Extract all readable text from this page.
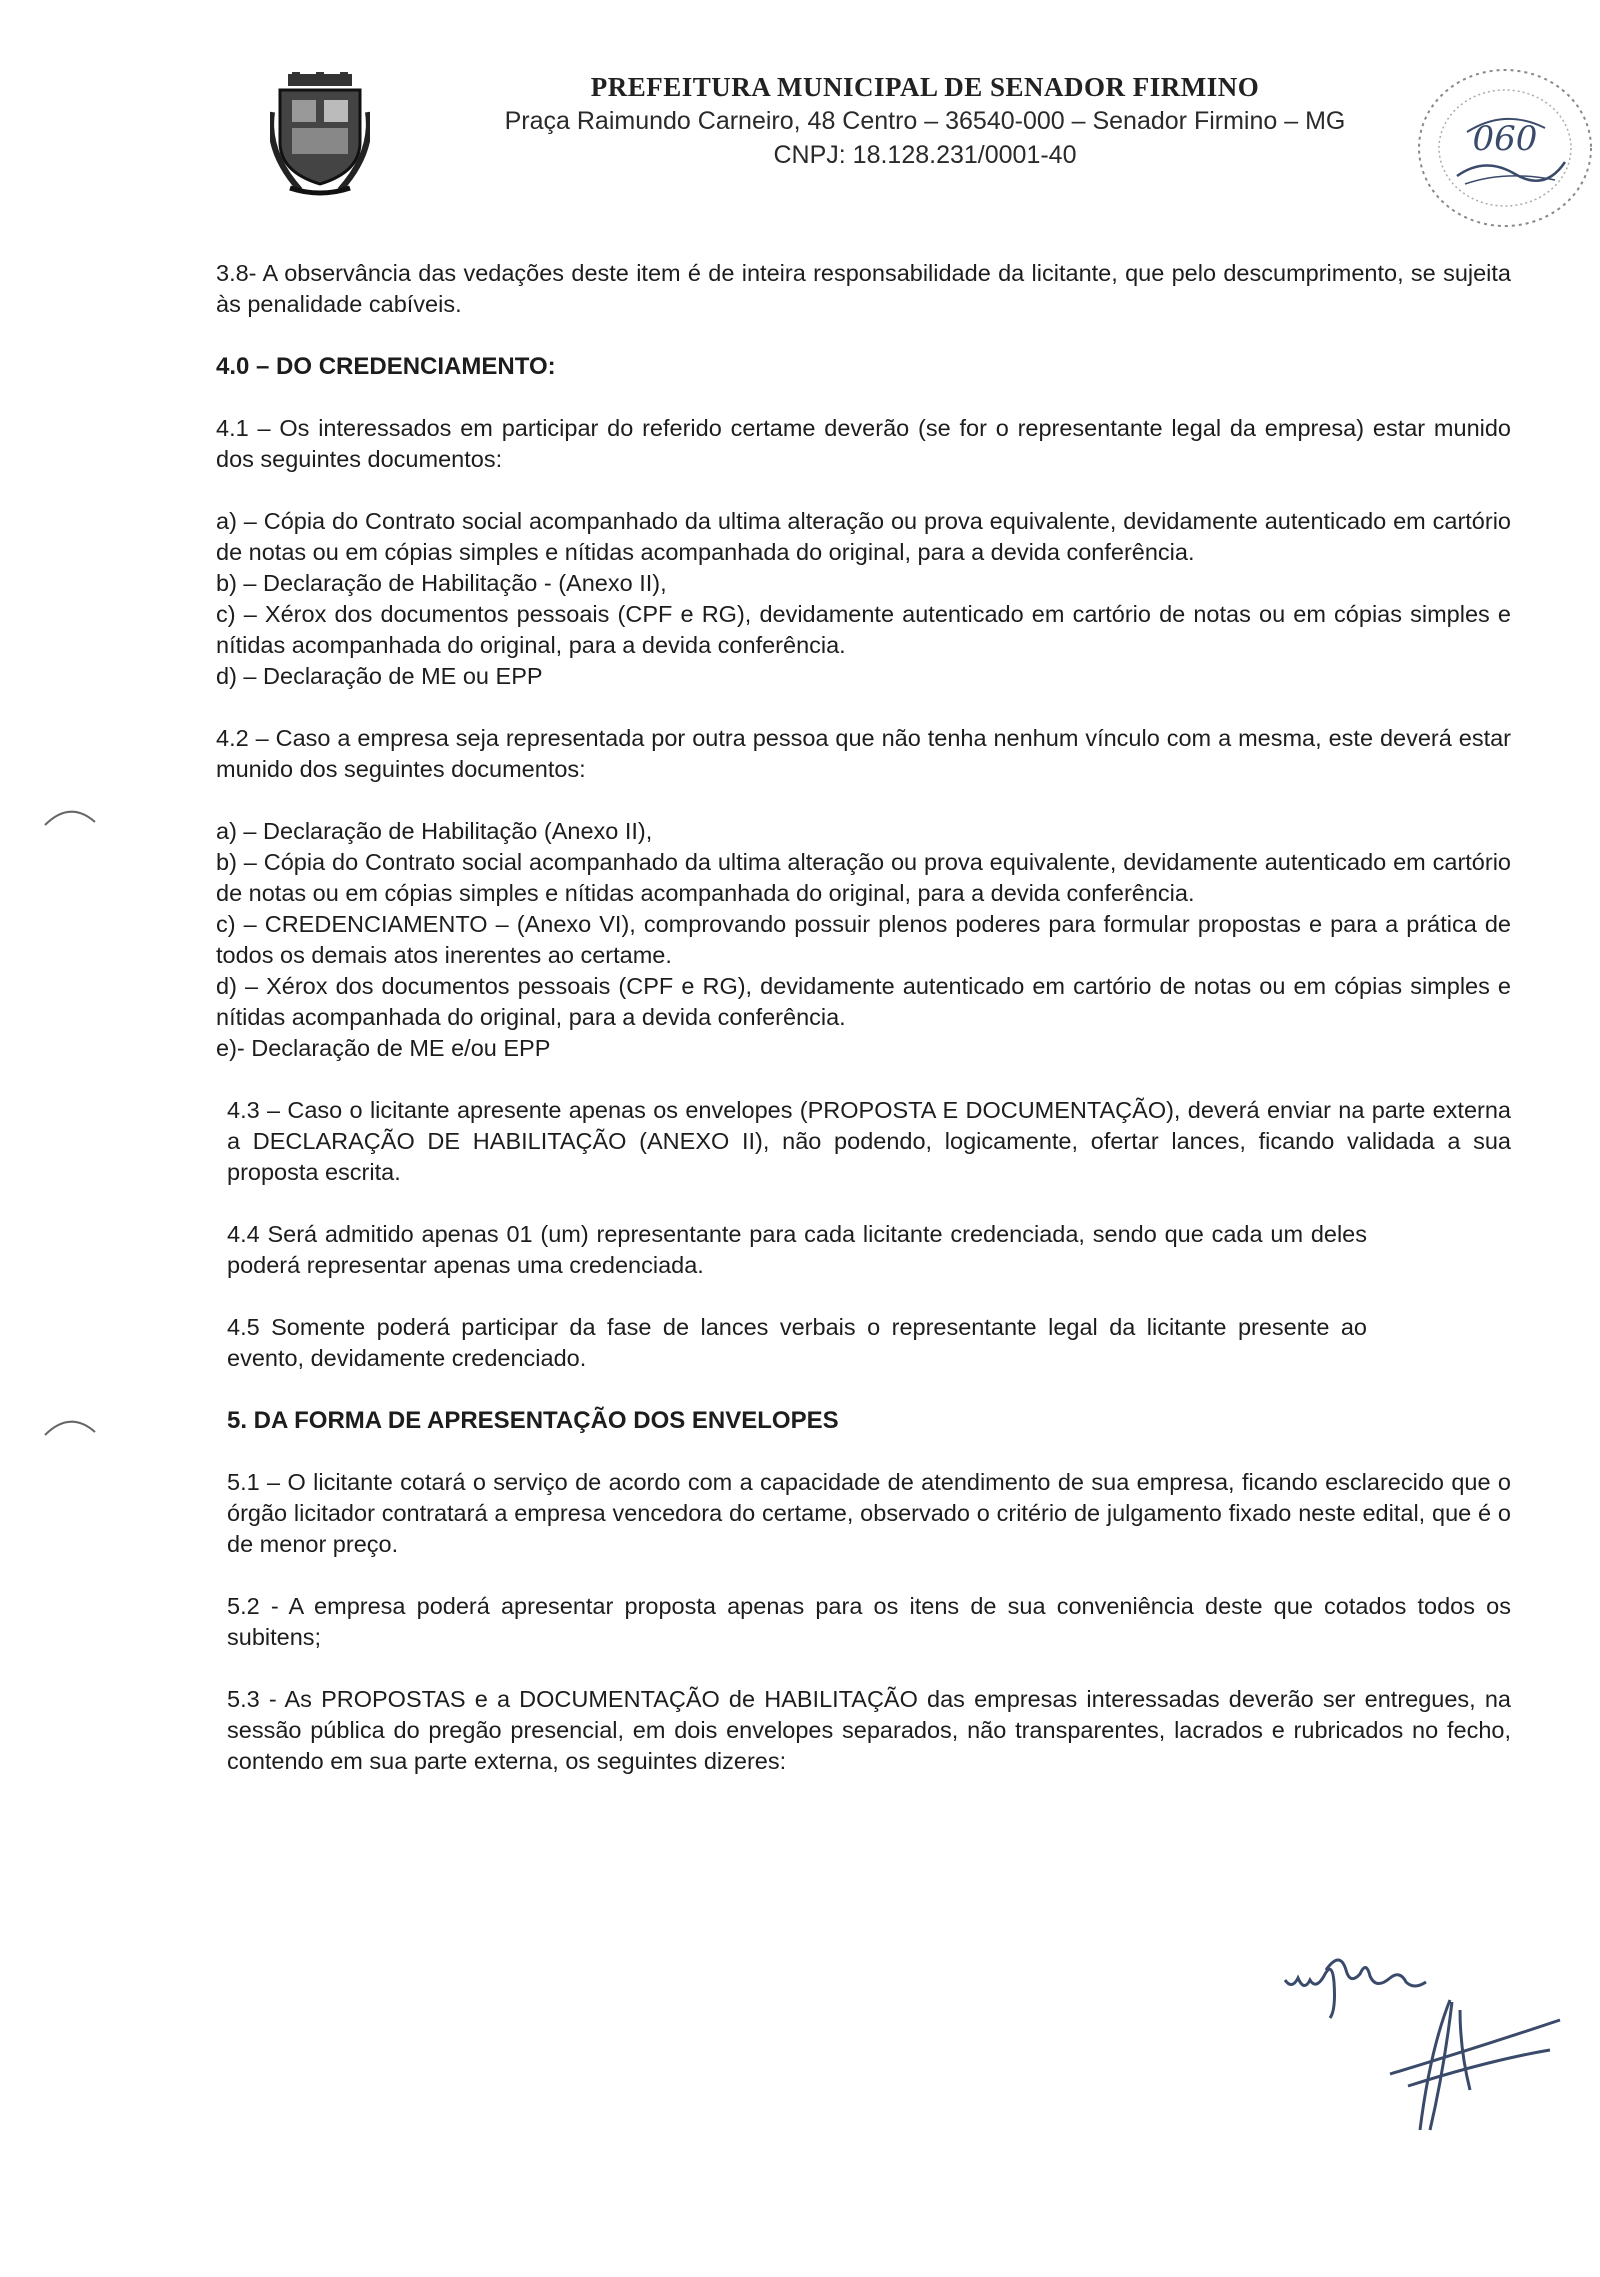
PREFEITURA MUNICIPAL DE SENADOR FIRMINO
Praça Raimundo Carneiro, 48 Centro – 36540-000 – Senador Firmino – MG
CNPJ: 18.128.231/0001-40	060

3.8- A observância das vedações deste item é de inteira responsabilidade da licitante, que pelo descumprimento, se sujeita às penalidade cabíveis.

4.0 – DO CREDENCIAMENTO:

4.1 – Os interessados em participar do referido certame deverão (se for o representante legal da empresa) estar munido dos seguintes documentos:

a) – Cópia do Contrato social acompanhado da ultima alteração ou prova equivalente, devidamente autenticado em cartório de notas ou em cópias simples e nítidas acompanhada do original, para a devida conferência.

b) – Declaração de Habilitação - (Anexo II),

c) – Xérox dos documentos pessoais (CPF e RG), devidamente autenticado em cartório de notas ou em cópias simples e nítidas acompanhada do original, para a devida conferência.

d) – Declaração de ME ou EPP

4.2 – Caso a empresa seja representada por outra pessoa que não tenha nenhum vínculo com a mesma, este deverá estar munido dos seguintes documentos:

a) – Declaração de Habilitação (Anexo II),

b) – Cópia do Contrato social acompanhado da ultima alteração ou prova equivalente, devidamente autenticado em cartório de notas ou em cópias simples e nítidas acompanhada do original, para a devida conferência.

c) – CREDENCIAMENTO – (Anexo VI), comprovando possuir plenos poderes para formular propostas e para a prática de todos os demais atos inerentes ao certame.

d) – Xérox dos documentos pessoais (CPF e RG), devidamente autenticado em cartório de notas ou em cópias simples e nítidas acompanhada do original, para a devida conferência.

e)- Declaração de ME e/ou EPP

4.3 – Caso o licitante apresente apenas os envelopes (PROPOSTA E DOCUMENTAÇÃO), deverá enviar na parte externa a DECLARAÇÃO DE HABILITAÇÃO (ANEXO II), não podendo, logicamente, ofertar lances, ficando validada a sua proposta escrita.

4.4 Será admitido apenas 01 (um) representante para cada licitante credenciada, sendo que cada um deles poderá representar apenas uma credenciada.

4.5 Somente poderá participar da fase de lances verbais o representante legal da licitante presente ao evento, devidamente credenciado.

5. DA FORMA DE APRESENTAÇÃO DOS ENVELOPES

5.1 – O licitante cotará o serviço de acordo com a capacidade de atendimento de sua empresa, ficando esclarecido que o órgão licitador contratará a empresa vencedora do certame, observado o critério de julgamento fixado neste edital, que é o de menor preço.

5.2 - A empresa poderá apresentar proposta apenas para os itens de sua conveniência deste que cotados todos os subitens;

5.3 - As PROPOSTAS e a DOCUMENTAÇÃO de HABILITAÇÃO das empresas interessadas deverão ser entregues, na sessão pública do pregão presencial, em dois envelopes separados, não transparentes, lacrados e rubricados no fecho, contendo em sua parte externa, os seguintes dizeres:
